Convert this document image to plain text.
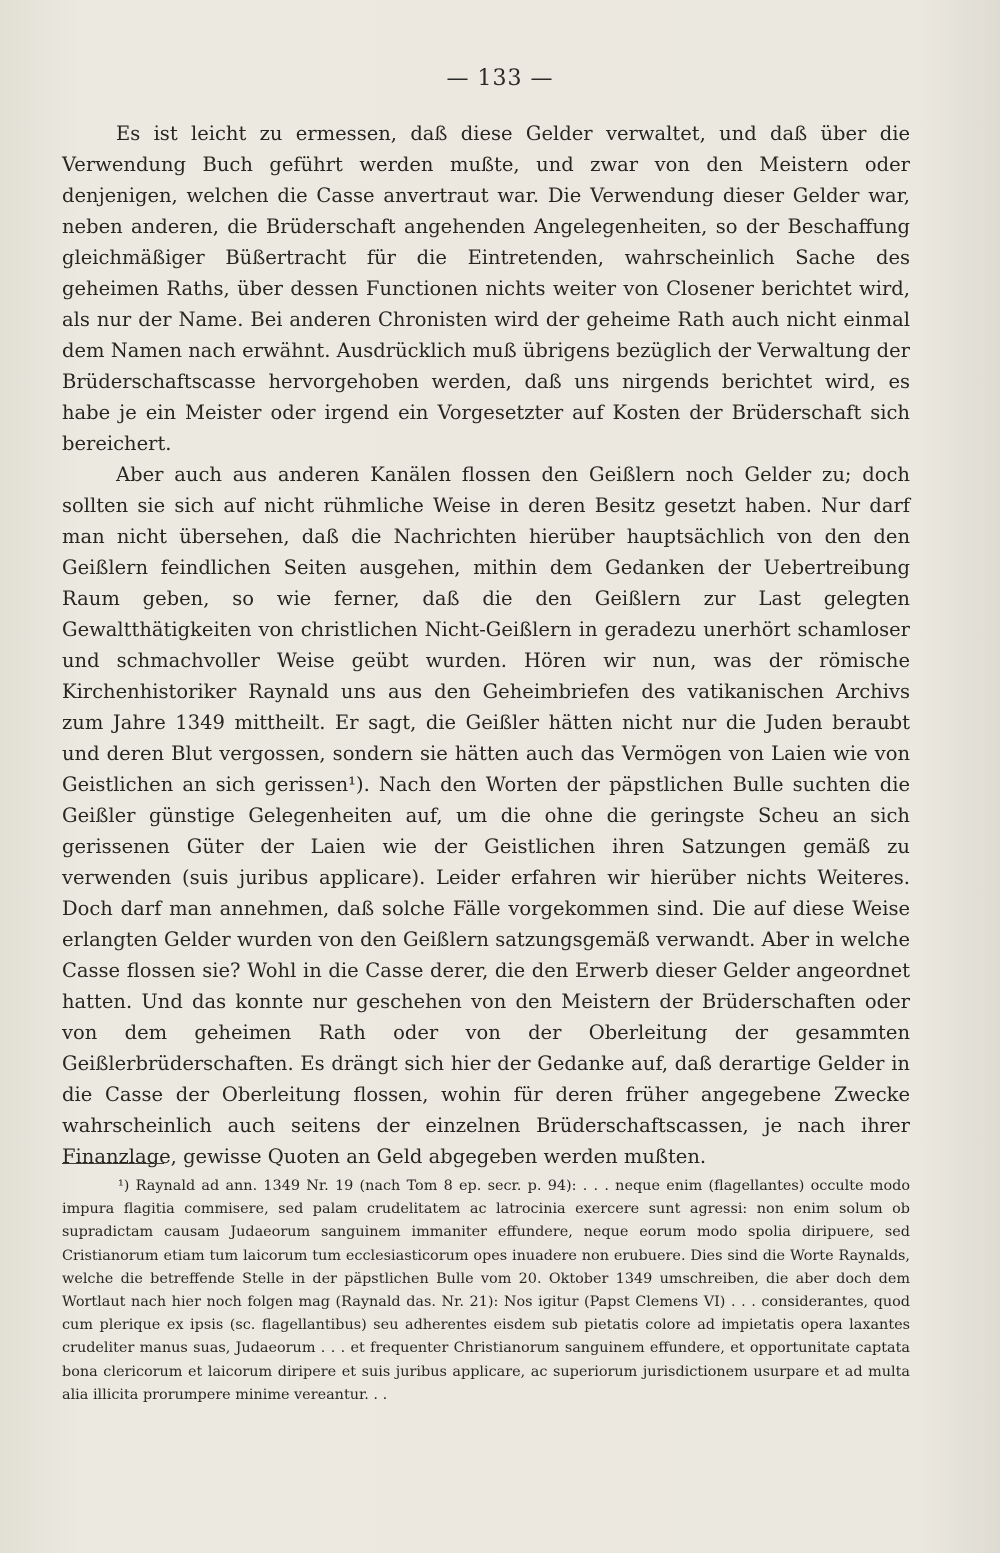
— 133 —

Es ist leicht zu ermessen, daß diese Gelder verwaltet, und daß über die Verwendung Buch geführt werden mußte, und zwar von den Meistern oder denjenigen, welchen die Casse anvertraut war. Die Verwendung dieser Gelder war, neben anderen, die Brüderschaft angehenden Angelegenheiten, so der Beschaffung gleichmäßiger Büßertracht für die Eintretenden, wahrscheinlich Sache des geheimen Raths, über dessen Functionen nichts weiter von Closener berichtet wird, als nur der Name. Bei anderen Chronisten wird der geheime Rath auch nicht einmal dem Namen nach erwähnt. Ausdrücklich muß übrigens bezüglich der Verwaltung der Brüderschaftscasse hervorgehoben werden, daß uns nirgends berichtet wird, es habe je ein Meister oder irgend ein Vorgesetzter auf Kosten der Brüderschaft sich bereichert.

Aber auch aus anderen Kanälen flossen den Geißlern noch Gelder zu; doch sollten sie sich auf nicht rühmliche Weise in deren Besitz gesetzt haben. Nur darf man nicht übersehen, daß die Nachrichten hierüber hauptsächlich von den den Geißlern feindlichen Seiten ausgehen, mithin dem Gedanken der Uebertreibung Raum geben, so wie ferner, daß die den Geißlern zur Last gelegten Gewaltthätigkeiten von christlichen Nicht-Geißlern in geradezu unerhört schamloser und schmachvoller Weise geübt wurden. Hören wir nun, was der römische Kirchenhistoriker Raynald uns aus den Geheimbriefen des vatikanischen Archivs zum Jahre 1349 mittheilt. Er sagt, die Geißler hätten nicht nur die Juden beraubt und deren Blut vergossen, sondern sie hätten auch das Vermögen von Laien wie von Geistlichen an sich gerissen¹). Nach den Worten der päpstlichen Bulle suchten die Geißler günstige Gelegenheiten auf, um die ohne die geringste Scheu an sich gerissenen Güter der Laien wie der Geistlichen ihren Satzungen gemäß zu verwenden (suis juribus applicare). Leider erfahren wir hierüber nichts Weiteres. Doch darf man annehmen, daß solche Fälle vorgekommen sind. Die auf diese Weise erlangten Gelder wurden von den Geißlern satzungsgemäß verwandt. Aber in welche Casse flossen sie? Wohl in die Casse derer, die den Erwerb dieser Gelder angeordnet hatten. Und das konnte nur geschehen von den Meistern der Brüderschaften oder von dem geheimen Rath oder von der Oberleitung der gesammten Geißlerbrüderschaften. Es drängt sich hier der Gedanke auf, daß derartige Gelder in die Casse der Oberleitung flossen, wohin für deren früher angegebene Zwecke wahrscheinlich auch seitens der einzelnen Brüderschaftscassen, je nach ihrer Finanzlage, gewisse Quoten an Geld abgegeben werden mußten.

¹) Raynald ad ann. 1349 Nr. 19 (nach Tom 8 ep. secr. p. 94): . . . neque enim (flagellantes) occulte modo impura flagitia commisere, sed palam crudelitatem ac latrocinia exercere sunt agressi: non enim solum ob supradictam causam Judaeorum sanguinem immaniter effundere, neque eorum modo spolia diripuere, sed Cristianorum etiam tum laicorum tum ecclesiasticorum opes inuadere non erubuere. Dies sind die Worte Raynalds, welche die betreffende Stelle in der päpstlichen Bulle vom 20. Oktober 1349 umschreiben, die aber doch dem Wortlaut nach hier noch folgen mag (Raynald das. Nr. 21): Nos igitur (Papst Clemens VI) . . . considerantes, quod cum plerique ex ipsis (sc. flagellantibus) seu adherentes eisdem sub pietatis colore ad impietatis opera laxantes crudeliter manus suas, Judaeorum . . . et frequenter Christianorum sanguinem effundere, et opportunitate captata bona clericorum et laicorum diripere et suis juribus applicare, ac superiorum jurisdictionem usurpare et ad multa alia illicita prorumpere minime vereantur. . .
